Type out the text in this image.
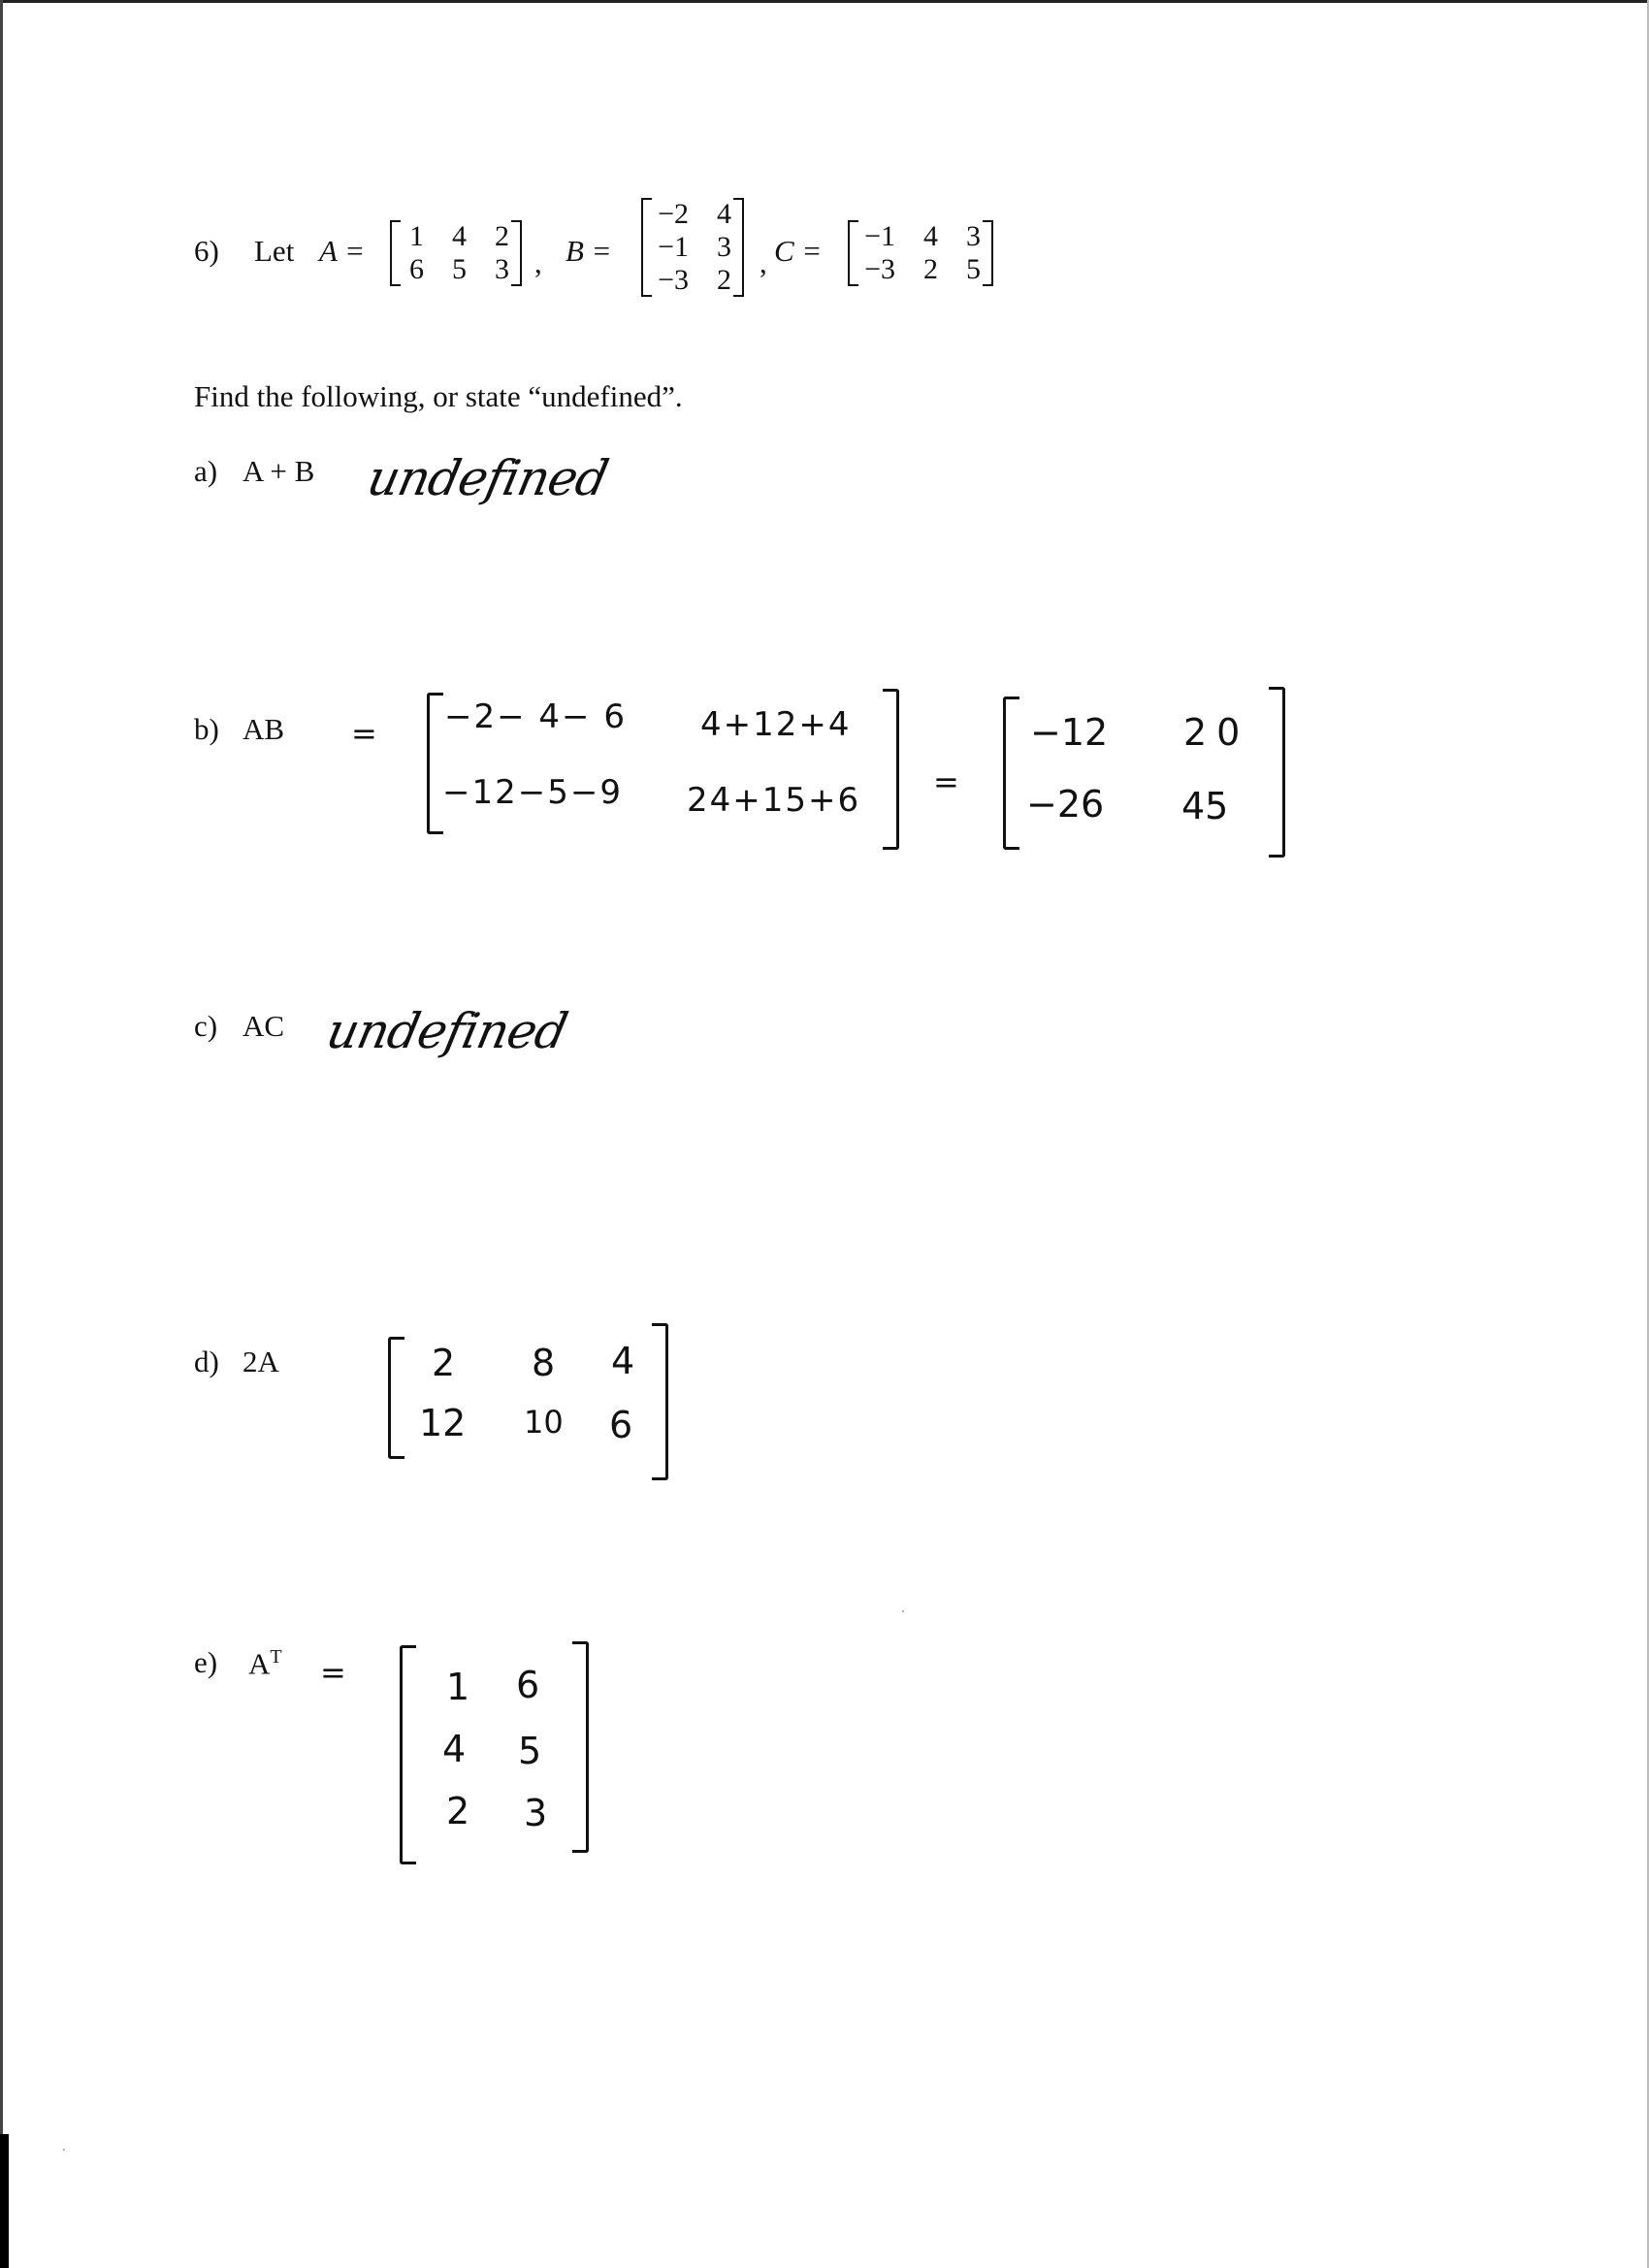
6) Let A = 1 4 2
6 5 3 , B =
−2 4
−1 3
−3 2
, C = −1 4 3
−3 2 5
Find the following, or state “undefined”.
a) A + B undefined
b) AB = −2− 4− 6 4+12+4
−12−5−9 24+15+6 =
−12 20
−26 45
c) AC undefined
d) 2A	2 8 4
12 10 6
e) $A^T$ =	1 6
4 5
2 3
